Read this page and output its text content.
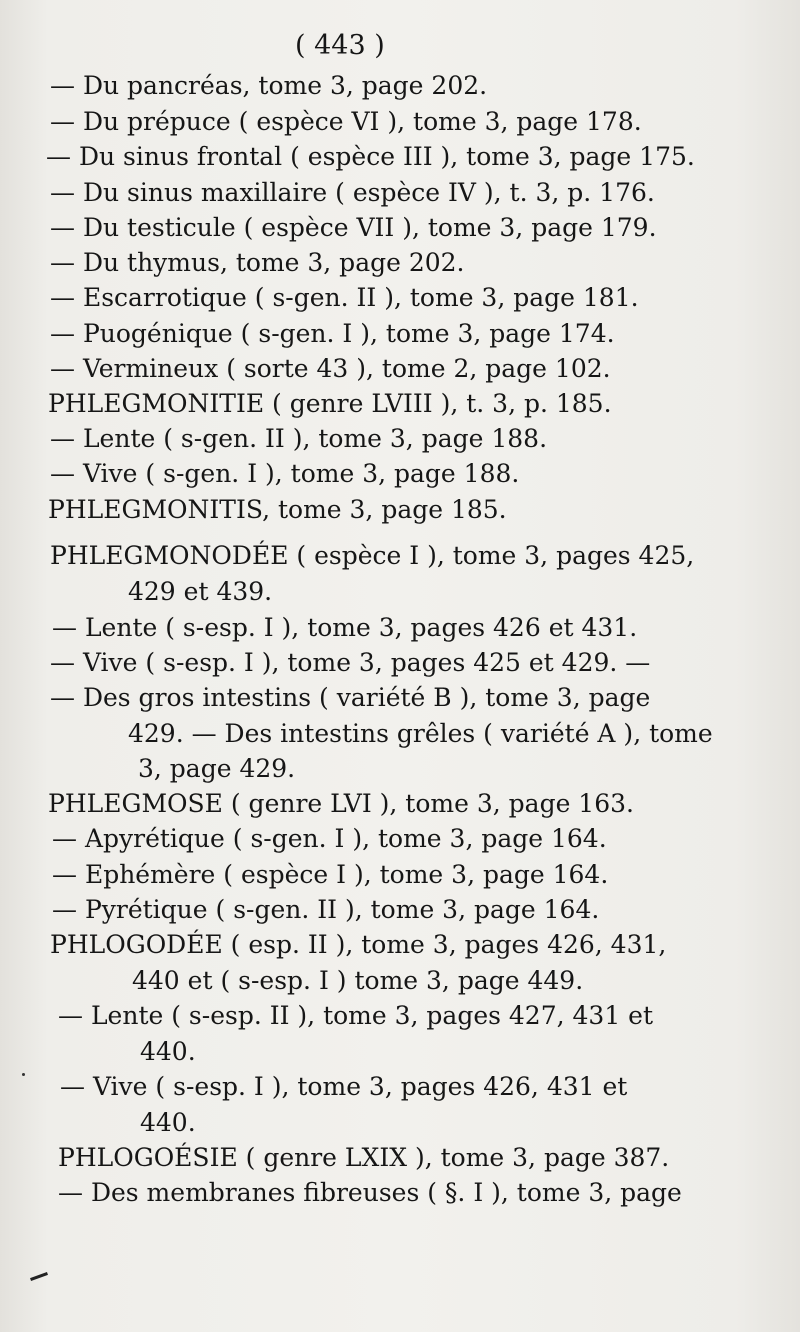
( 443 )
— Du pancréas, tome 3, page 202.
— Du prépuce ( espèce VI ), tome 3, page 178.
— Du sinus frontal ( espèce III ), tome 3, page 175.
— Du sinus maxillaire ( espèce IV ), t. 3, p. 176.
— Du testicule ( espèce VII ), tome 3, page 179.
— Du thymus, tome 3, page 202.
— Escarrotique ( s-gen. II ), tome 3, page 181.
— Puogénique ( s-gen. I ), tome 3, page 174.
— Vermineux ( sorte 43 ), tome 2, page 102.
PHLEGMONITIE ( genre LVIII ), t. 3, p. 185.
— Lente ( s-gen. II ), tome 3, page 188.
— Vive ( s-gen. I ), tome 3, page 188.
PHLEGMONITIS, tome 3, page 185.
PHLEGMONODÉE ( espèce I ), tome 3, pages 425,
429 et 439.
— Lente ( s-esp. I ), tome 3, pages 426 et 431.
— Vive ( s-esp. I ), tome 3, pages 425 et 429. —
— Des gros intestins ( variété B ), tome 3, page
429. — Des intestins grêles ( variété A ), tome
3, page 429.
PHLEGMOSE ( genre LVI ), tome 3, page 163.
— Apyrétique ( s-gen. I ), tome 3, page 164.
— Ephémère ( espèce I ), tome 3, page 164.
— Pyrétique ( s-gen. II ), tome 3, page 164.
PHLOGODÉE ( esp. II ), tome 3, pages 426, 431,
440 et ( s-esp. I ) tome 3, page 449.
— Lente ( s-esp. II ), tome 3, pages 427, 431 et
440.
— Vive ( s-esp. I ), tome 3, pages 426, 431 et
440.
PHLOGOÉSIE ( genre LXIX ), tome 3, page 387.
— Des membranes fibreuses ( §. I ), tome 3, page
